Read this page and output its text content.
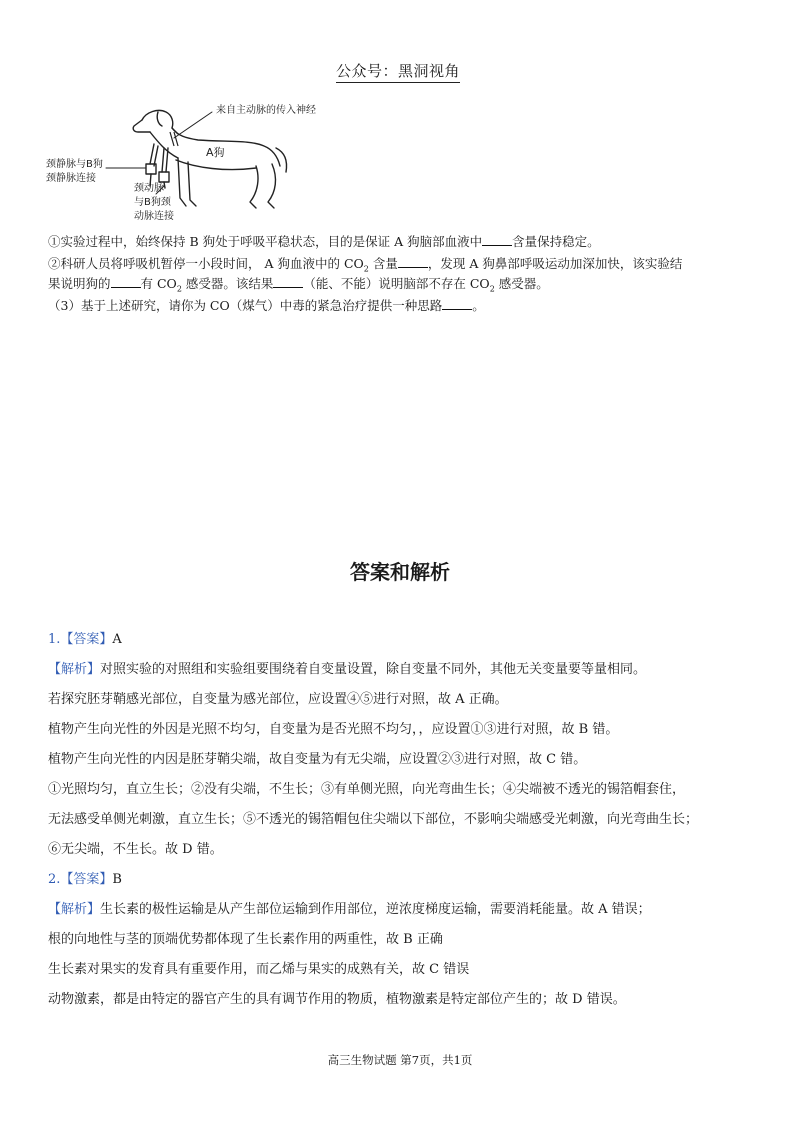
公众号：黑洞视角
来自主动脉的传入神经
A狗
颈静脉与B狗
颈静脉连接
颈动脉
与B狗颈
动脉连接
①实验过程中，始终保持 B 狗处于呼吸平稳状态，目的是保证 A 狗脑部血液中 含量保持稳定。
②科研人员将呼吸机暂停一小段时间， A 狗血液中的 $CO_2$ 含量 ，发现 A 狗鼻部呼吸运动加深加快，该实验结
果说明狗的 有 $CO_2$ 感受器。该结果 （能、不能）说明脑部不存在 $CO_2$ 感受器。
（3）基于上述研究，请你为 CO（煤气）中毒的紧急治疗提供一种思路 。
答案和解析
1.【答案】A
【解析】对照实验的对照组和实验组要围绕着自变量设置，除自变量不同外，其他无关变量要等量相同。
若探究胚芽鞘感光部位，自变量为感光部位，应设置④⑤进行对照，故 A 正确。
植物产生向光性的外因是光照不均匀，自变量为是否光照不均匀，，应设置①③进行对照，故 B 错。
植物产生向光性的内因是胚芽鞘尖端，故自变量为有无尖端，应设置②③进行对照，故 C 错。
①光照均匀，直立生长；②没有尖端，不生长；③有单侧光照，向光弯曲生长；④尖端被不透光的锡箔帽套住，
无法感受单侧光刺激，直立生长；⑤不透光的锡箔帽包住尖端以下部位，不影响尖端感受光刺激，向光弯曲生长；
⑥无尖端，不生长。故 D 错。
2.【答案】B
【解析】生长素的极性运输是从产生部位运输到作用部位，逆浓度梯度运输，需要消耗能量。故 A 错误；
根的向地性与茎的顶端优势都体现了生长素作用的两重性，故 B 正确
生长素对果实的发育具有重要作用，而乙烯与果实的成熟有关，故 C 错误
动物激素，都是由特定的器官产生的具有调节作用的物质，植物激素是特定部位产生的；故 D 错误。
高三生物试题 第7页，共1页
